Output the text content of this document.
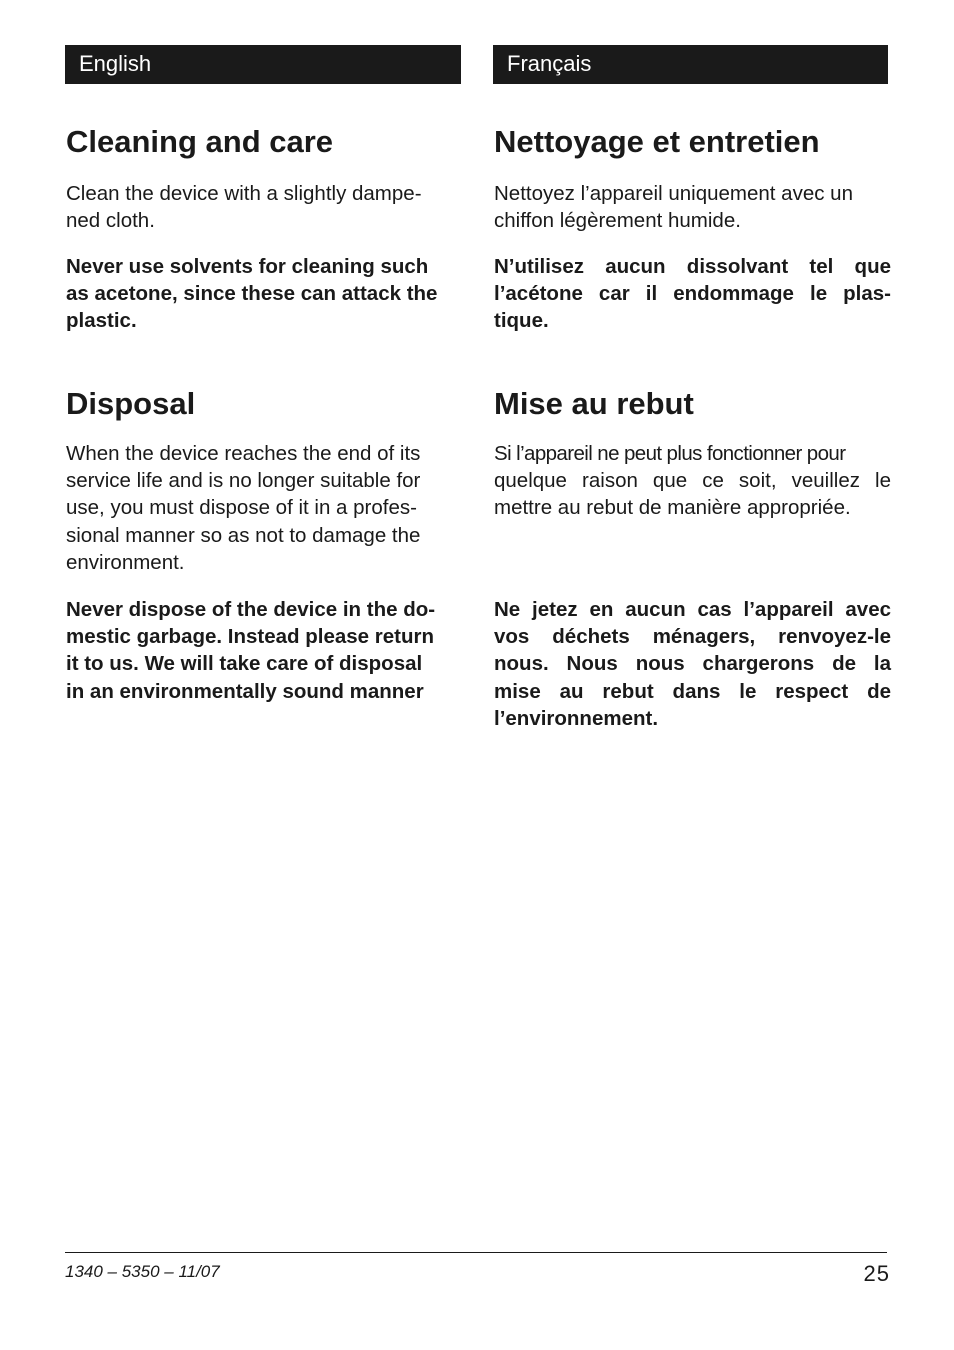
English
Cleaning and care

Clean the device with a slightly dampe-
ned cloth.

Never use solvents for cleaning such
as acetone, since these can attack the
plastic.

Disposal

When the device reaches the end of its
service life and is no longer suitable for
use, you must dispose of it in a profes-
sional manner so as not to damage the
environment.

Never dispose of the device in the do-
mestic garbage. Instead please return
it to us. We will take care of disposal
in an environmentally sound manner

Français
Nettoyage et entretien

Nettoyez l’appareil uniquement avec un
chiffon légèrement humide.

N’utilisez aucun dissolvant tel que
l’acétone car il endommage le plas-
tique.

Mise au rebut

Si l’appareil ne peut plus fonctionner pour
quelque raison que ce soit, veuillez le
mettre au rebut de manière appropriée.

Ne jetez en aucun cas l’appareil avec
vos déchets ménagers, renvoyez-le
nous. Nous nous chargerons de la
mise au rebut dans le respect de
l’environnement.

1340 – 5350 – 11/07	25
